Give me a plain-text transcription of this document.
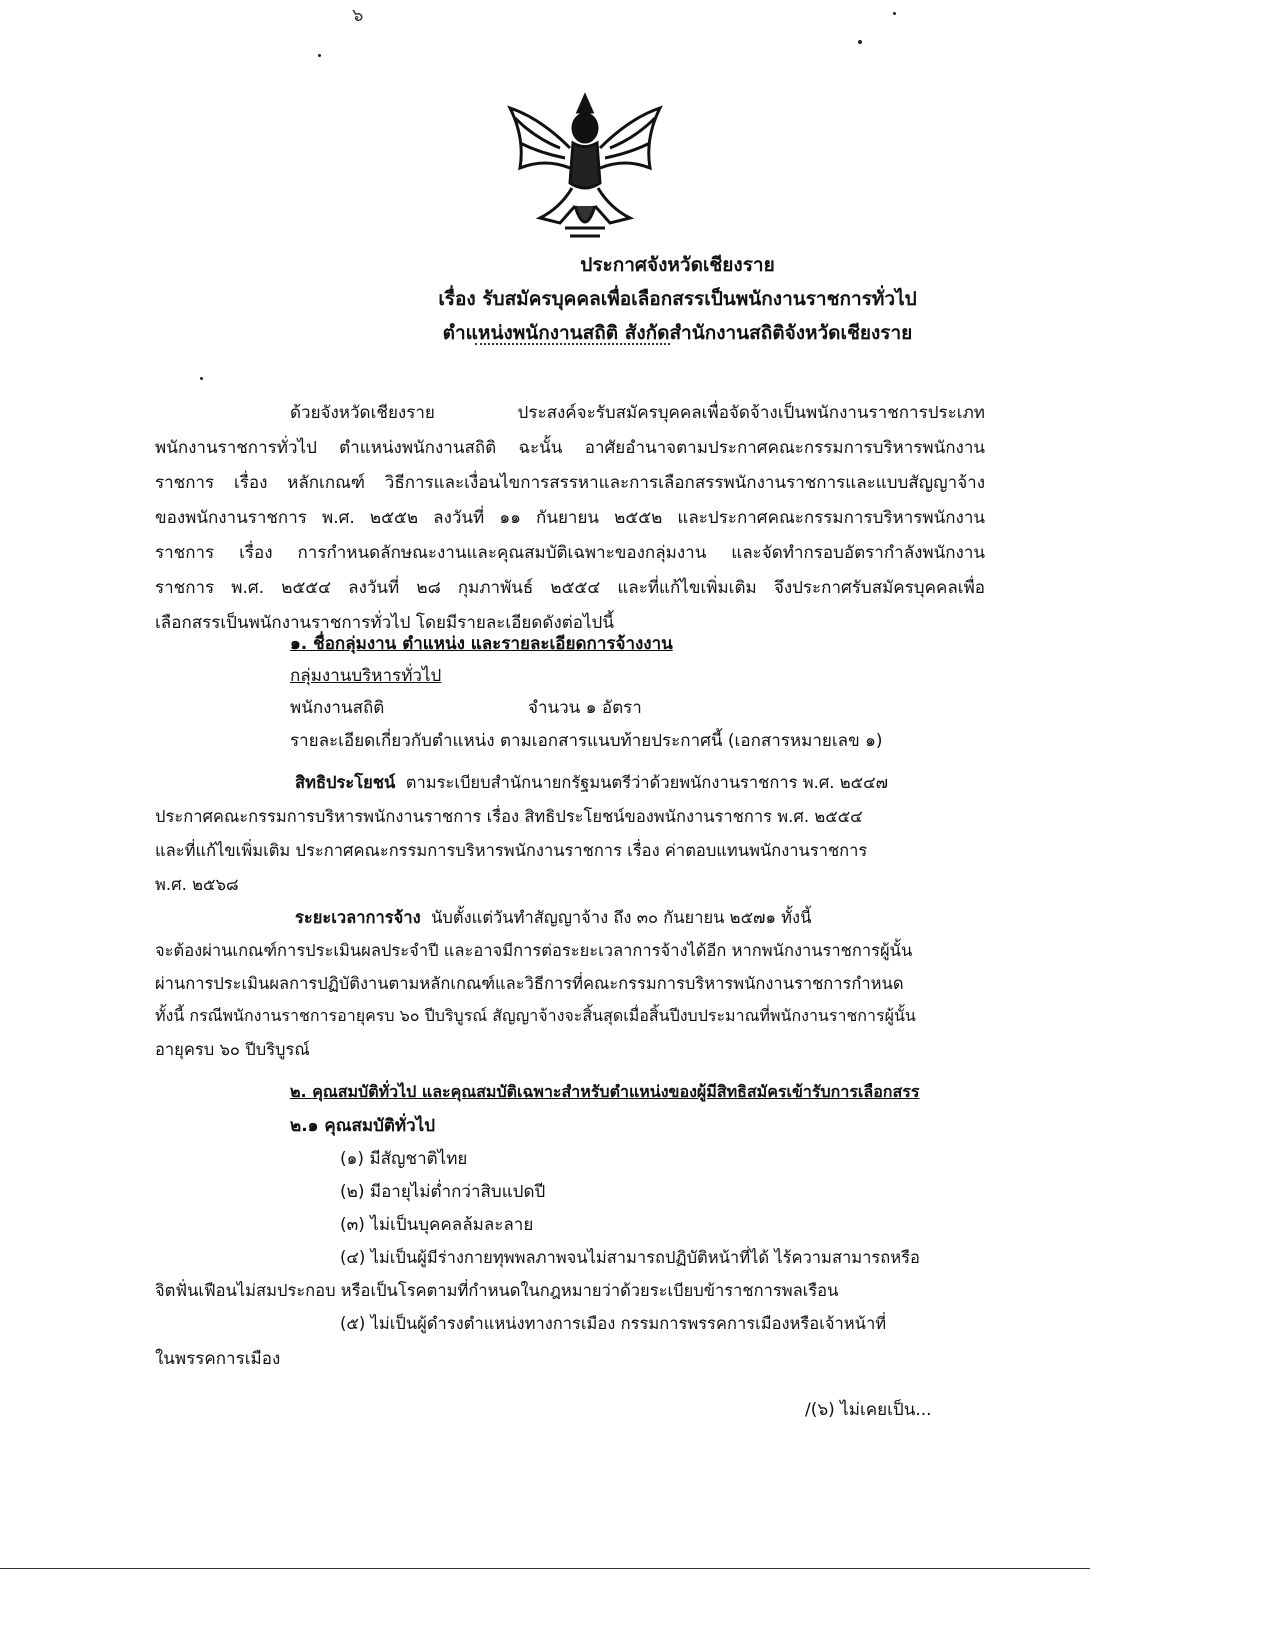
๖
ประกาศจังหวัดเชียงราย
เรื่อง รับสมัครบุคคลเพื่อเลือกสรรเป็นพนักงานราชการทั่วไป
ตำแหน่งพนักงานสถิติ สังกัดสำนักงานสถิติจังหวัดเชียงราย
ด้วยจังหวัดเชียงราย ประสงค์จะรับสมัครบุคคลเพื่อจัดจ้างเป็นพนักงานราชการประเภท
พนักงานราชการทั่วไป ตำแหน่งพนักงานสถิติ ฉะนั้น อาศัยอำนาจตามประกาศคณะกรรมการบริหารพนักงาน
ราชการ เรื่อง หลักเกณฑ์ วิธีการและเงื่อนไขการสรรหาและการเลือกสรรพนักงานราชการและแบบสัญญาจ้าง
ของพนักงานราชการ พ.ศ. ๒๕๕๒ ลงวันที่ ๑๑ กันยายน ๒๕๕๒ และประกาศคณะกรรมการบริหารพนักงาน
ราชการ เรื่อง การกำหนดลักษณะงานและคุณสมบัติเฉพาะของกลุ่มงาน และจัดทำกรอบอัตรากำลังพนักงาน
ราชการ พ.ศ. ๒๕๕๔ ลงวันที่ ๒๘ กุมภาพันธ์ ๒๕๕๔ และที่แก้ไขเพิ่มเติม จึงประกาศรับสมัครบุคคลเพื่อ
เลือกสรรเป็นพนักงานราชการทั่วไป โดยมีรายละเอียดดังต่อไปนี้
๑. ชื่อกลุ่มงาน ตำแหน่ง และรายละเอียดการจ้างงาน
กลุ่มงานบริหารทั่วไป
พนักงานสถิติ	จำนวน ๑ อัตรา
รายละเอียดเกี่ยวกับตำแหน่ง ตามเอกสารแนบท้ายประกาศนี้ (เอกสารหมายเลข ๑)
สิทธิประโยชน์ ตามระเบียบสำนักนายกรัฐมนตรีว่าด้วยพนักงานราชการ พ.ศ. ๒๕๔๗
ประกาศคณะกรรมการบริหารพนักงานราชการ เรื่อง สิทธิประโยชน์ของพนักงานราชการ พ.ศ. ๒๕๕๔
และที่แก้ไขเพิ่มเติม ประกาศคณะกรรมการบริหารพนักงานราชการ เรื่อง ค่าตอบแทนพนักงานราชการ
พ.ศ. ๒๕๖๘
ระยะเวลาการจ้าง นับตั้งแต่วันทำสัญญาจ้าง ถึง ๓๐ กันยายน ๒๕๗๑ ทั้งนี้
จะต้องผ่านเกณฑ์การประเมินผลประจำปี และอาจมีการต่อระยะเวลาการจ้างได้อีก หากพนักงานราชการผู้นั้น
ผ่านการประเมินผลการปฏิบัติงานตามหลักเกณฑ์และวิธีการที่คณะกรรมการบริหารพนักงานราชการกำหนด
ทั้งนี้ กรณีพนักงานราชการอายุครบ ๖๐ ปีบริบูรณ์ สัญญาจ้างจะสิ้นสุดเมื่อสิ้นปีงบประมาณที่พนักงานราชการผู้นั้น
อายุครบ ๖๐ ปีบริบูรณ์
๒. คุณสมบัติทั่วไป และคุณสมบัติเฉพาะสำหรับตำแหน่งของผู้มีสิทธิสมัครเข้ารับการเลือกสรร
๒.๑ คุณสมบัติทั่วไป
(๑) มีสัญชาติไทย
(๒) มีอายุไม่ต่ำกว่าสิบแปดปี
(๓) ไม่เป็นบุคคลล้มละลาย
(๔) ไม่เป็นผู้มีร่างกายทุพพลภาพจนไม่สามารถปฏิบัติหน้าที่ได้ ไร้ความสามารถหรือ
จิตฟั่นเฟือนไม่สมประกอบ หรือเป็นโรคตามที่กำหนดในกฎหมายว่าด้วยระเบียบข้าราชการพลเรือน
(๕) ไม่เป็นผู้ดำรงตำแหน่งทางการเมือง กรรมการพรรคการเมืองหรือเจ้าหน้าที่
ในพรรคการเมือง
/(๖) ไม่เคยเป็น...
